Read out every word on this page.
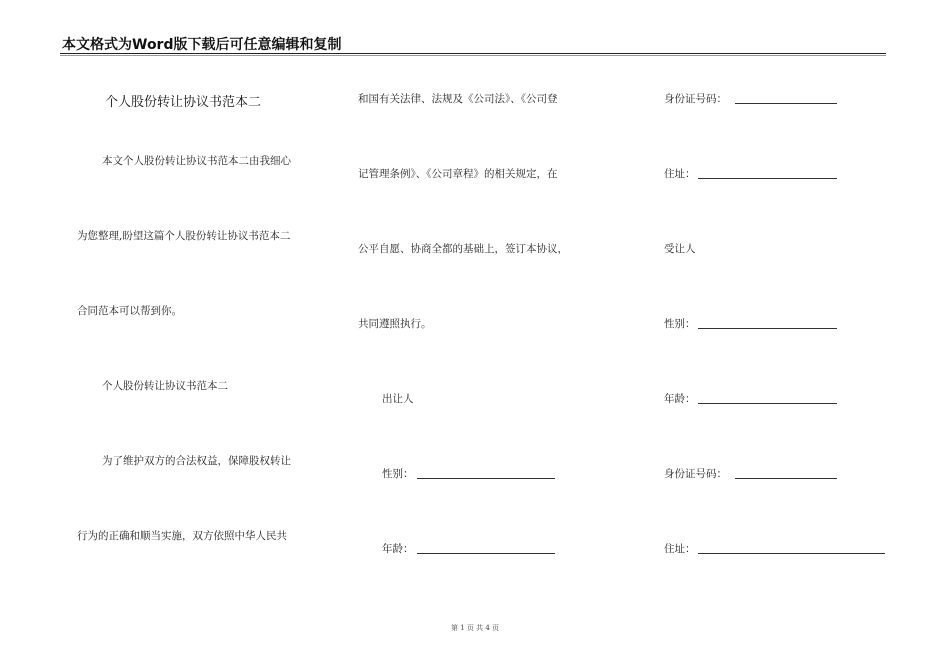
本文格式为Word版下载后可任意编辑和复制
个人股份转让协议书范本二
本文个人股份转让协议书范本二由我细心
为您整理,盼望这篇个人股份转让协议书范本二
合同范本可以帮到你。
个人股份转让协议书范本二
为了维护双方的合法权益，保障股权转让
行为的正确和顺当实施，双方依照中华人民共
和国有关法律、法规及《公司法》、《公司登
记管理条例》、《公司章程》的相关规定，在
公平自愿、协商全都的基础上，签订本协议，
共同遵照执行。
出让人
性别：
年龄：
身份证号码：
住址：
受让人
性别：
年龄：
身份证号码：
住址：
第 1 页 共 4 页
